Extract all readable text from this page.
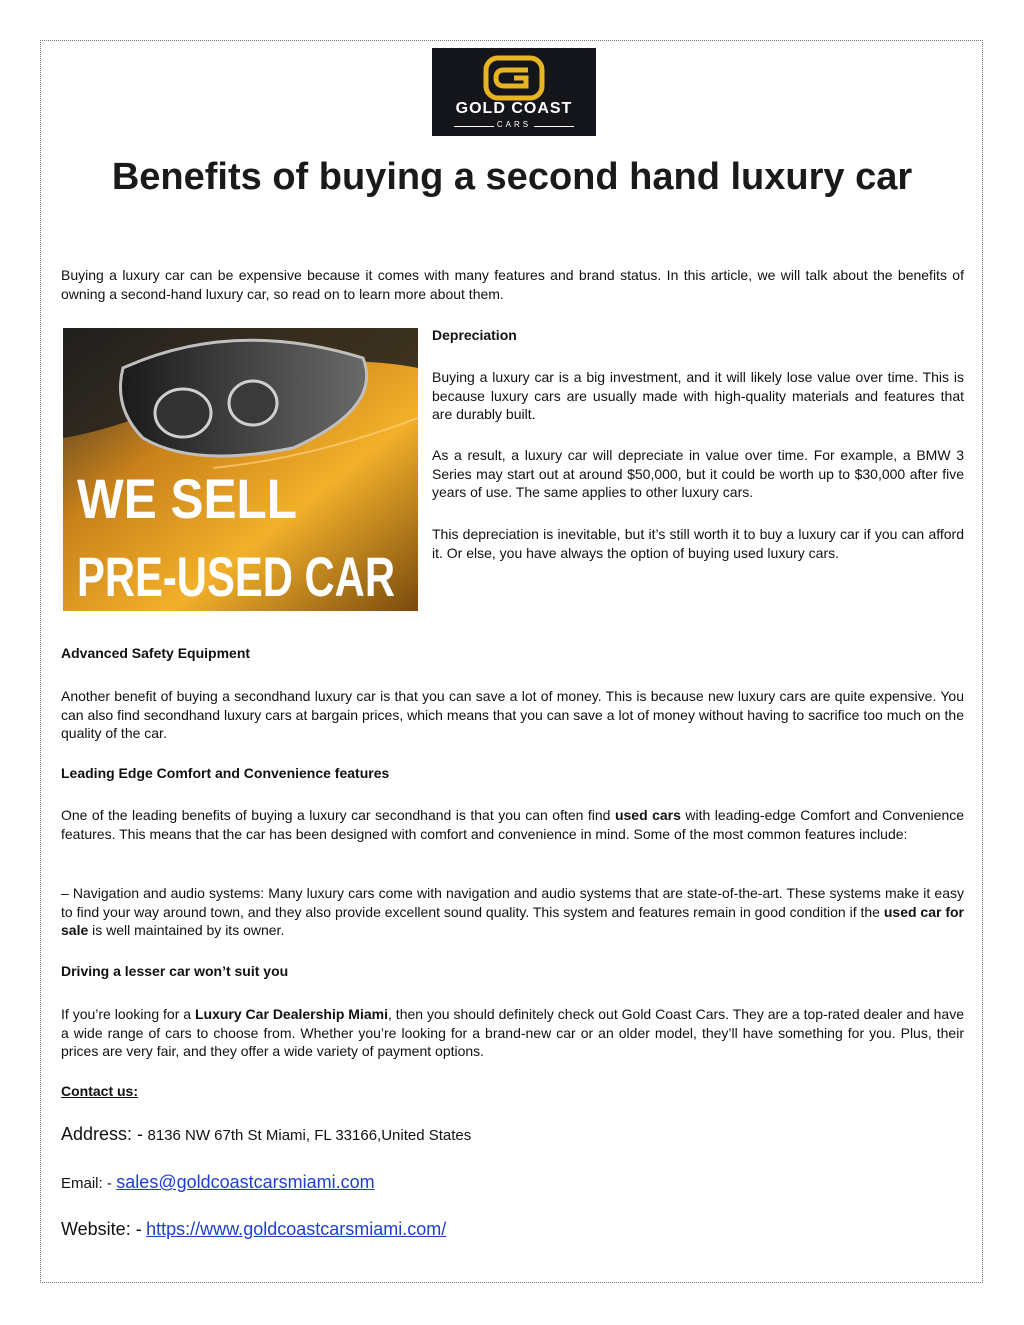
GOLD COAST
CARS
Benefits of buying a second hand luxury car

Buying a luxury car can be expensive because it comes with many features and brand status. In this article, we will talk about the benefits of owning a second-hand luxury car, so read on to learn more about them.

WE SELL
PRE-USED CAR

Depreciation

Buying a luxury car is a big investment, and it will likely lose value over time. This is because luxury cars are usually made with high-quality materials and features that are durably built.

As a result, a luxury car will depreciate in value over time. For example, a BMW 3 Series may start out at around $50,000, but it could be worth up to $30,000 after five years of use. The same applies to other luxury cars.

This depreciation is inevitable, but it’s still worth it to buy a luxury car if you can afford it. Or else, you have always the option of buying used luxury cars.

Advanced Safety Equipment

Another benefit of buying a secondhand luxury car is that you can save a lot of money. This is because new luxury cars are quite expensive. You can also find secondhand luxury cars at bargain prices, which means that you can save a lot of money without having to sacrifice too much on the quality of the car.

Leading Edge Comfort and Convenience features

One of the leading benefits of buying a luxury car secondhand is that you can often find used cars with leading-edge Comfort and Convenience features. This means that the car has been designed with comfort and convenience in mind. Some of the most common features include:

– Navigation and audio systems: Many luxury cars come with navigation and audio systems that are state-of-the-art. These systems make it easy to find your way around town, and they also provide excellent sound quality. This system and features remain in good condition if the used car for sale is well maintained by its owner.

Driving a lesser car won’t suit you

If you’re looking for a Luxury Car Dealership Miami, then you should definitely check out Gold Coast Cars. They are a top-rated dealer and have a wide range of cars to choose from. Whether you’re looking for a brand-new car or an older model, they’ll have something for you. Plus, their prices are very fair, and they offer a wide variety of payment options.

Contact us:

Address: - 8136 NW 67th St Miami, FL 33166,United States

Email: - sales@goldcoastcarsmiami.com

Website: - https://www.goldcoastcarsmiami.com/
